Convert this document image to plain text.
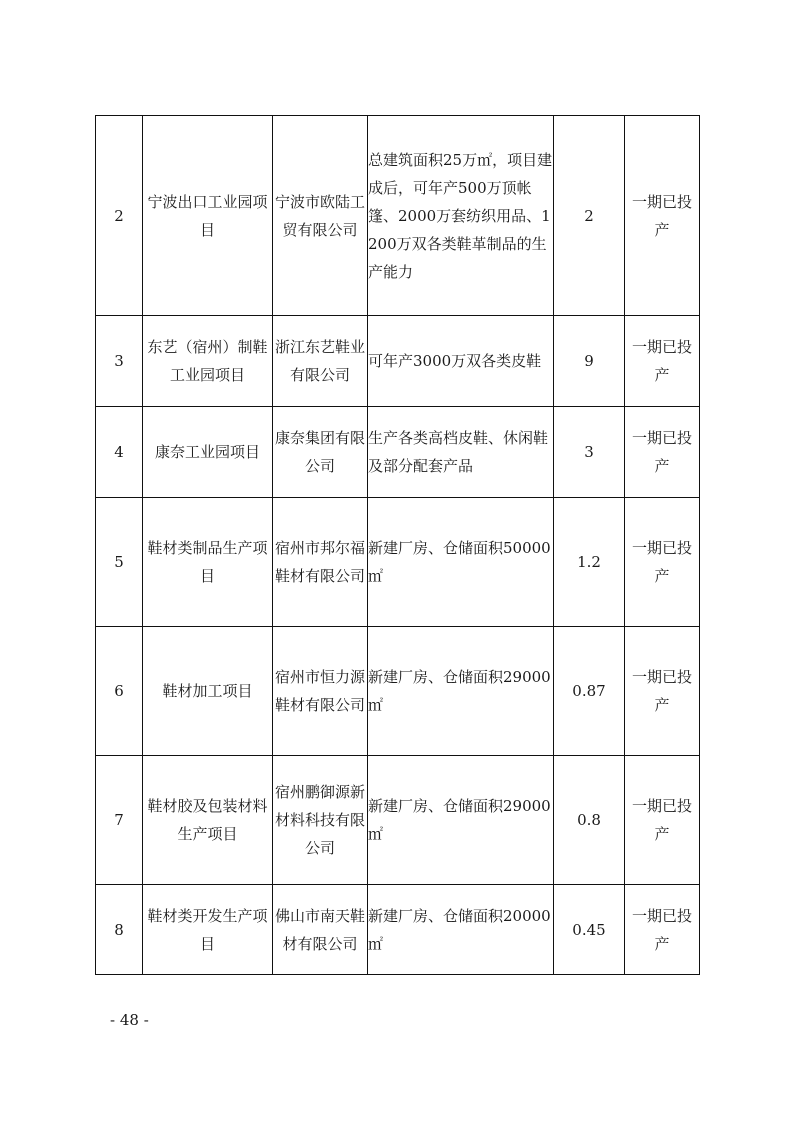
2	宁波出口工业园项目	宁波市欧陆工贸有限公司	总建筑面积25万㎡，项目建成后，可年产500万顶帐篷、2000万套纺织用品、1200万双各类鞋革制品的生产能力	2	一期已投产
3	东艺（宿州）制鞋工业园项目	浙江东艺鞋业有限公司	可年产3000万双各类皮鞋	9	一期已投产
4	康奈工业园项目	康奈集团有限公司	生产各类高档皮鞋、休闲鞋及部分配套产品	3	一期已投产
5	鞋材类制品生产项目	宿州市邦尔福鞋材有限公司	新建厂房、仓储面积50000㎡	1.2	一期已投产
6	鞋材加工项目	宿州市恒力源鞋材有限公司	新建厂房、仓储面积29000㎡	0.87	一期已投产
7	鞋材胶及包装材料生产项目	宿州鹏御源新材料科技有限公司	新建厂房、仓储面积29000㎡	0.8	一期已投产
8	鞋材类开发生产项目	佛山市南天鞋材有限公司	新建厂房、仓储面积20000㎡	0.45	一期已投产
- 48 -
